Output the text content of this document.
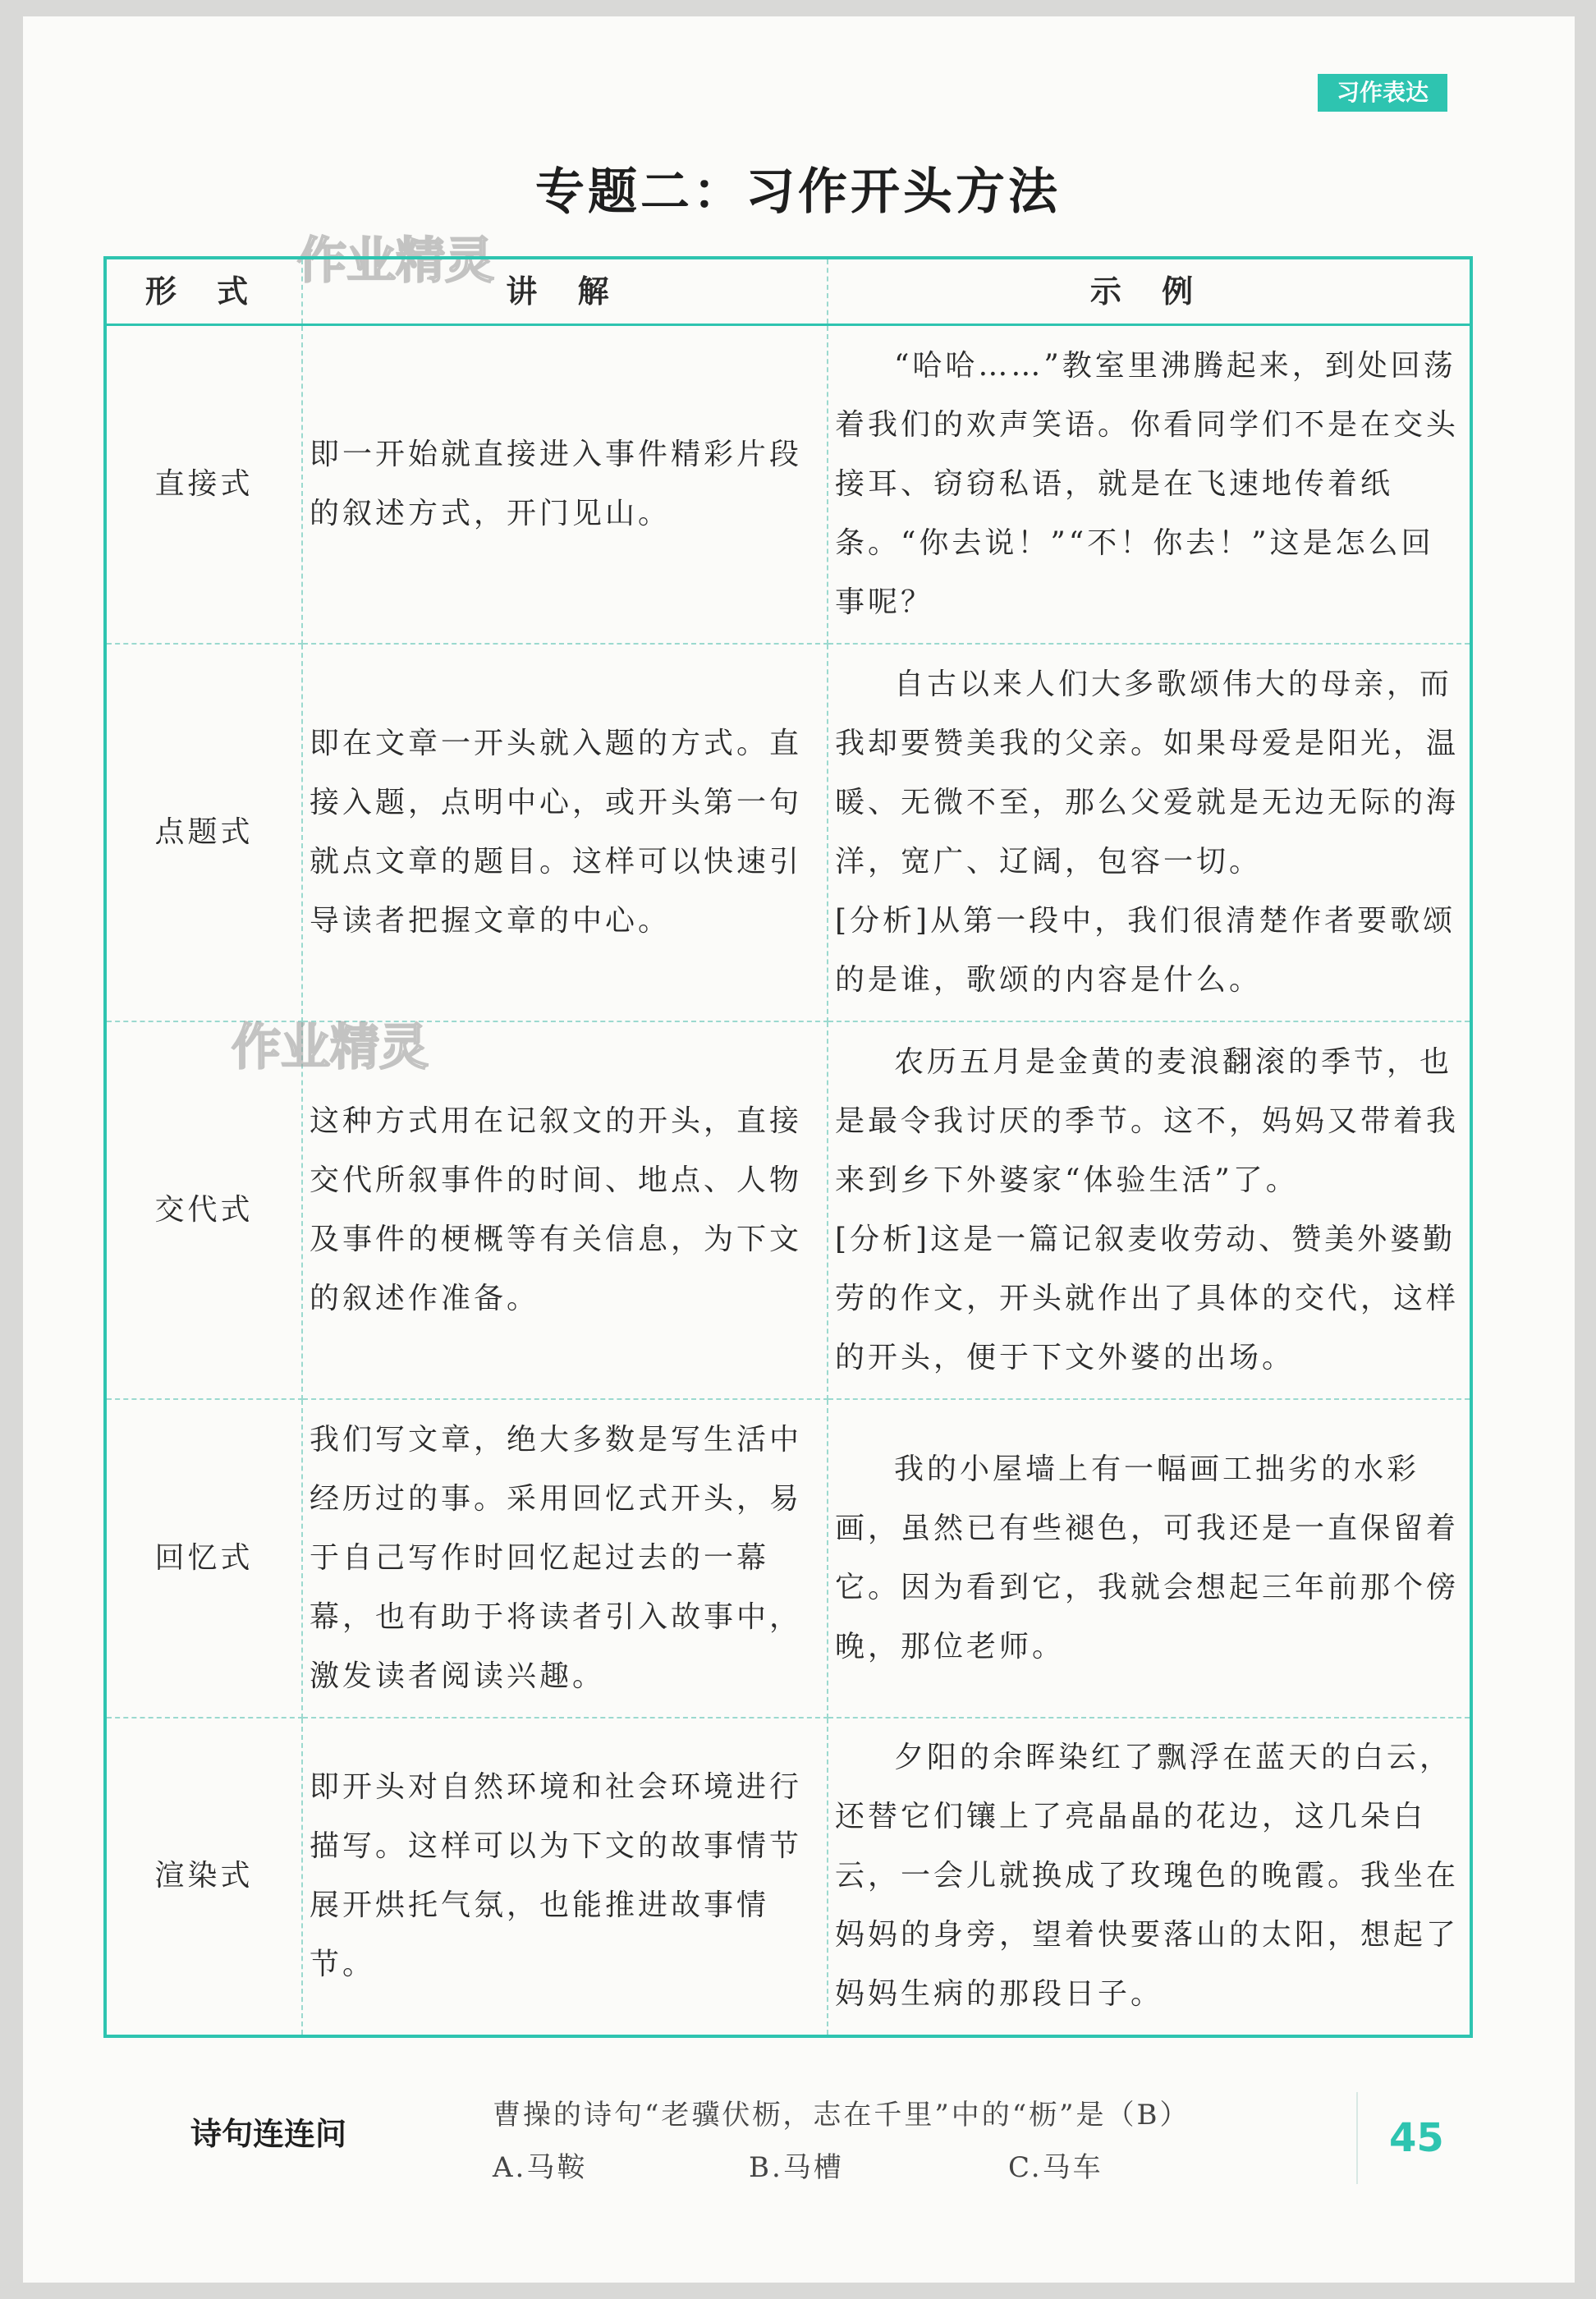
习作表达
专题二：习作开头方法
作业精灵
形 式	讲 解	示 例
直接式	即一开始就直接进入事件精彩片段的叙述方式，开门见山。	“哈哈……”教室里沸腾起来，到处回荡着我们的欢声笑语。你看同学们不是在交头接耳、窃窃私语，就是在飞速地传着纸条。“你去说！”“不！你去！”这是怎么回事呢？

点题式	即在文章一开头就入题的方式。直接入题，点明中心，或开头第一句就点文章的题目。这样可以快速引导读者把握文章的中心。	自古以来人们大多歌颂伟大的母亲，而我却要赞美我的父亲。如果母爱是阳光，温暖、无微不至，那么父爱就是无边无际的海洋，宽广、辽阔，包容一切。
[分析]从第一段中，我们很清楚作者要歌颂的是谁，歌颂的内容是什么。

交代式	这种方式用在记叙文的开头，直接交代所叙事件的时间、地点、人物及事件的梗概等有关信息，为下文的叙述作准备。	农历五月是金黄的麦浪翻滚的季节，也是最令我讨厌的季节。这不，妈妈又带着我来到乡下外婆家“体验生活”了。
[分析]这是一篇记叙麦收劳动、赞美外婆勤劳的作文，开头就作出了具体的交代，这样的开头，便于下文外婆的出场。

回忆式	我们写文章，绝大多数是写生活中经历过的事。采用回忆式开头，易于自己写作时回忆起过去的一幕幕，也有助于将读者引入故事中，激发读者阅读兴趣。	我的小屋墙上有一幅画工拙劣的水彩画，虽然已有些褪色，可我还是一直保留着它。因为看到它，我就会想起三年前那个傍晚，那位老师。

渲染式	即开头对自然环境和社会环境进行描写。这样可以为下文的故事情节展开烘托气氛，也能推进故事情节。	夕阳的余晖染红了飘浮在蓝天的白云，还替它们镶上了亮晶晶的花边，这几朵白云，一会儿就换成了玫瑰色的晚霞。我坐在妈妈的身旁，望着快要落山的太阳，想起了妈妈生病的那段日子。
作业精灵
诗句连连问
曹操的诗句“老骥伏枥，志在千里”中的“枥”是（B）
A.马鞍	B.马槽	C.马车
45
